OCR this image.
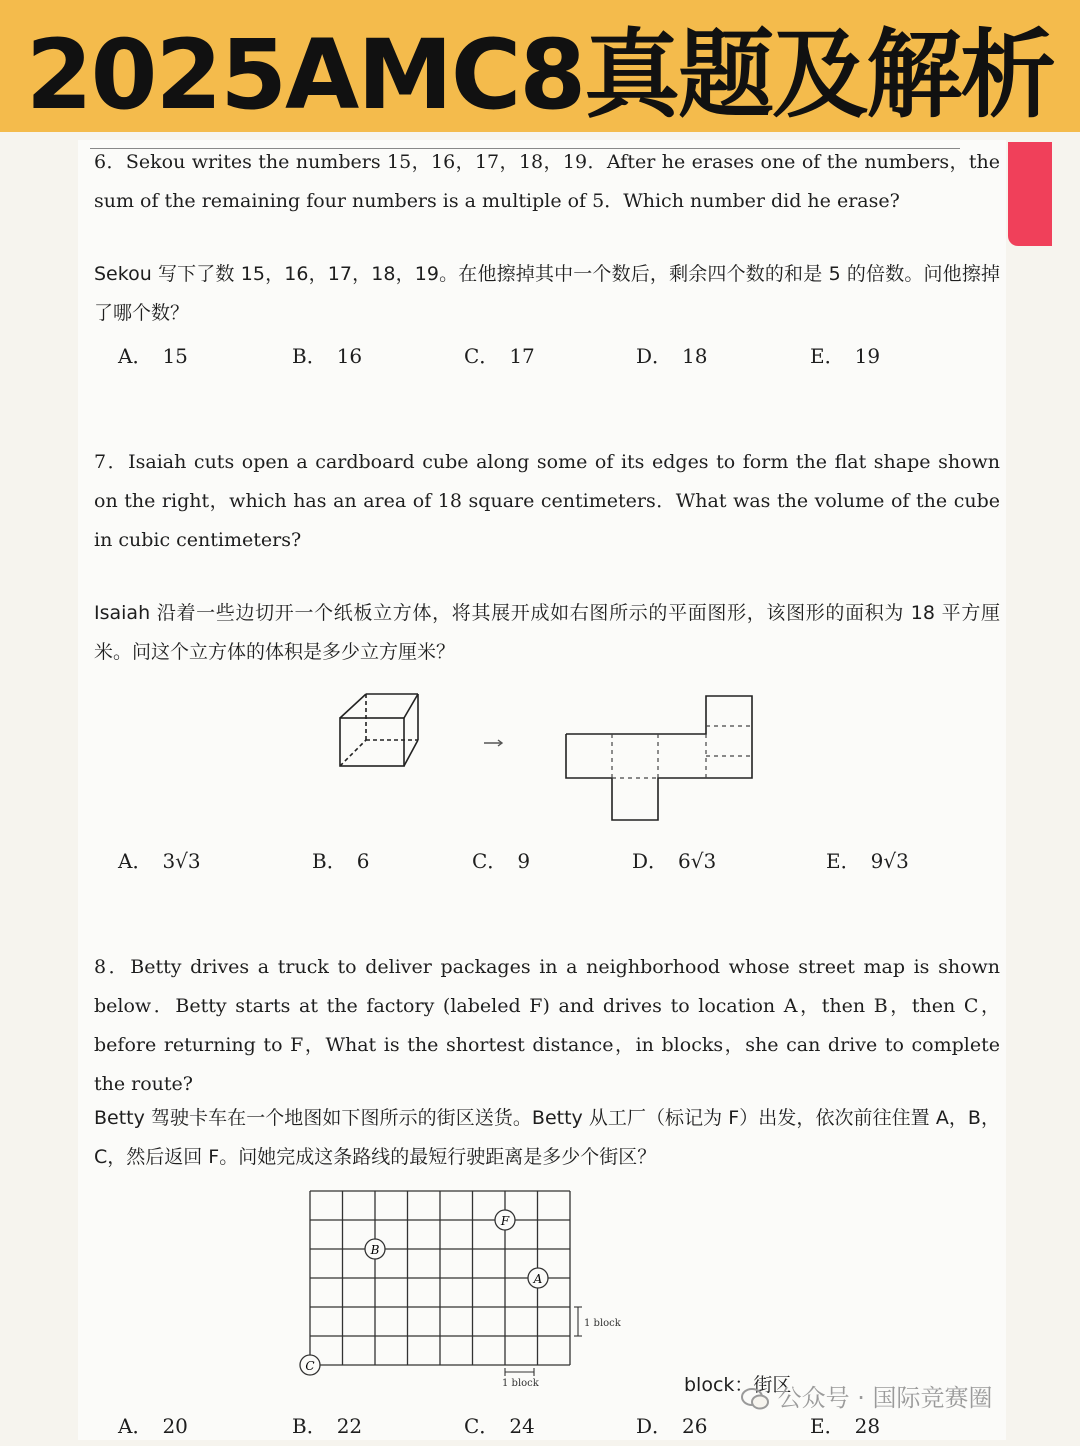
2025AMC8真题及解析
6．Sekou writes the numbers 15，16，17，18，19．After he erases one of the numbers，the sum of the remaining four numbers is a multiple of 5．Which number did he erase?
Sekou 写下了数 15，16，17，18，19。在他擦掉其中一个数后，剩余四个数的和是 5 的倍数。问他擦掉了哪个数？
A． 15	B． 16	C． 17	D． 18	E． 19
7．Isaiah cuts open a cardboard cube along some of its edges to form the flat shape shown on the right，which has an area of 18 square centimeters．What was the volume of the cube in cubic centimeters?
Isaiah 沿着一些边切开一个纸板立方体，将其展开成如右图所示的平面图形，该图形的面积为 18 平方厘米。问这个立方体的体积是多少立方厘米？
A． 3√3	B． 6	C． 9	D． 6√3	E． 9√3
8．Betty drives a truck to deliver packages in a neighborhood whose street map is shown below．Betty starts at the factory (labeled F) and drives to location A，then B，then C，before returning to F，What is the shortest distance，in blocks，she can drive to complete the route?
Betty 驾驶卡车在一个地图如下图所示的街区送货。Betty 从工厂（标记为 F）出发，依次前往住置 A，B，C，然后返回 F。问她完成这条路线的最短行驶距离是多少个街区？
F
B
A
C
1 block
1 block	block：街区
公众号 · 国际竞赛圈
A． 20	B． 22	C． 24	D． 26	E． 28
